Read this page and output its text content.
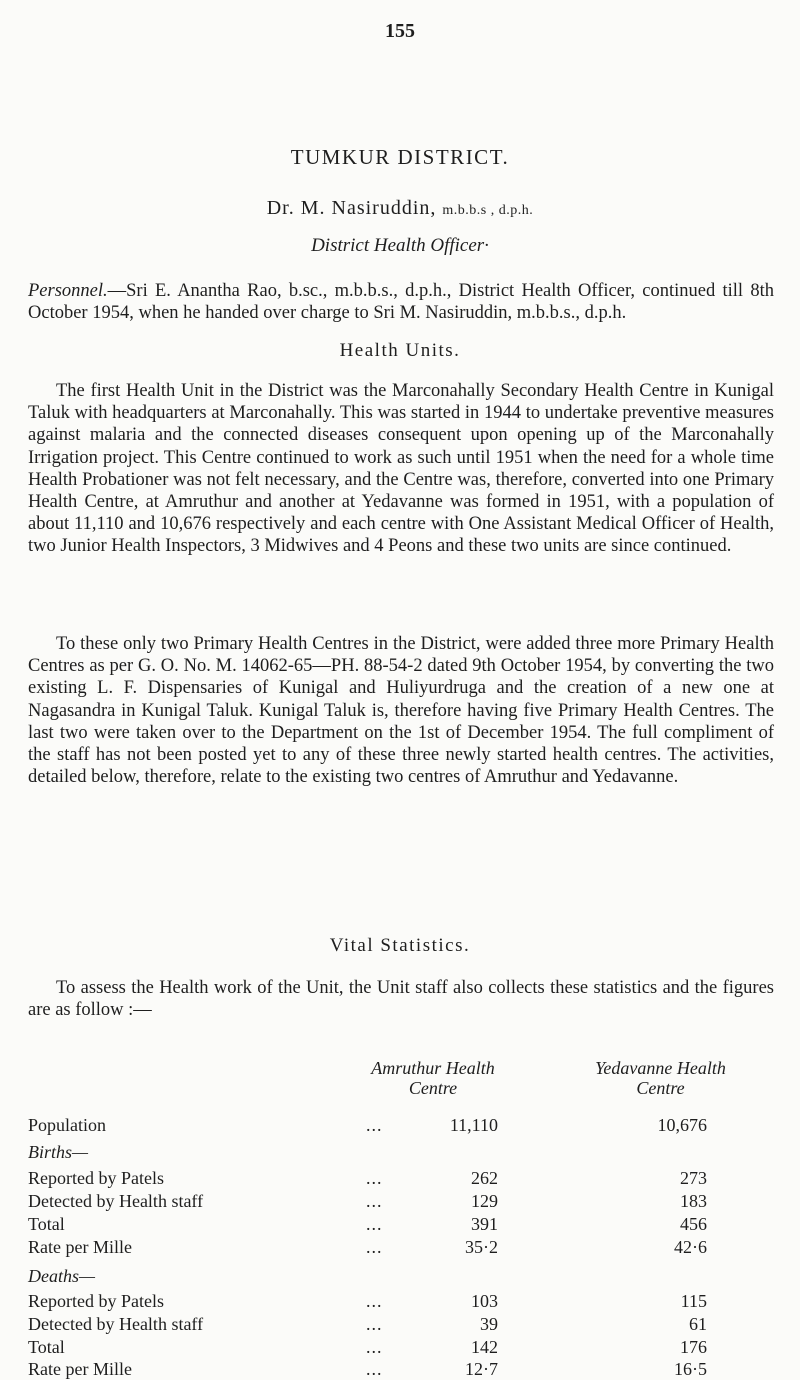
155
TUMKUR DISTRICT.
Dr. M. Nasiruddin, m.b.b.s , d.p.h.
District Health Officer·
Personnel.—Sri E. Anantha Rao, b.sc., m.b.b.s., d.p.h., District Health Officer, continued till 8th October 1954, when he handed over charge to Sri M. Nasiruddin, m.b.b.s., d.p.h.
Health Units.
The first Health Unit in the District was the Marconahally Secondary Health Centre in Kunigal Taluk with headquarters at Marconahally. This was started in 1944 to undertake preventive measures against malaria and the connected diseases consequent upon opening up of the Marconahally Irrigation project. This Centre continued to work as such until 1951 when the need for a whole time Health Probationer was not felt necessary, and the Centre was, therefore, converted into one Primary Health Centre, at Amruthur and another at Yedavanne was formed in 1951, with a population of about 11,110 and 10,676 respectively and each centre with One Assistant Medical Officer of Health, two Junior Health Inspectors, 3 Midwives and 4 Peons and these two units are since continued.
To these only two Primary Health Centres in the District, were added three more Primary Health Centres as per G. O. No. M. 14062-65—PH. 88-54-2 dated 9th October 1954, by converting the two existing L. F. Dispensaries of Kunigal and Huliyurdruga and the creation of a new one at Nagasandra in Kunigal Taluk. Kunigal Taluk is, therefore having five Primary Health Centres. The last two were taken over to the Department on the 1st of December 1954. The full compliment of the staff has not been posted yet to any of these three newly started health centres. The activities, detailed below, therefore, relate to the existing two centres of Amruthur and Yedavanne.
Vital Statistics.
To assess the Health work of the Unit, the Unit staff also collects these statistics and the figures are as follow :—
Amruthur Health
Centre
Yedavanne Health
Centre
Population	...	11,110	10,676
Births—
Reported by Patels	...	262	273
Detected by Health staff	...	129	183
Total	...	391	456
Rate per Mille	...	35·2	42·6
Deaths—
Reported by Patels	...	103	115
Detected by Health staff	...	39	61
Total	...	142	176
Rate per Mille	...	12·7	16·5
